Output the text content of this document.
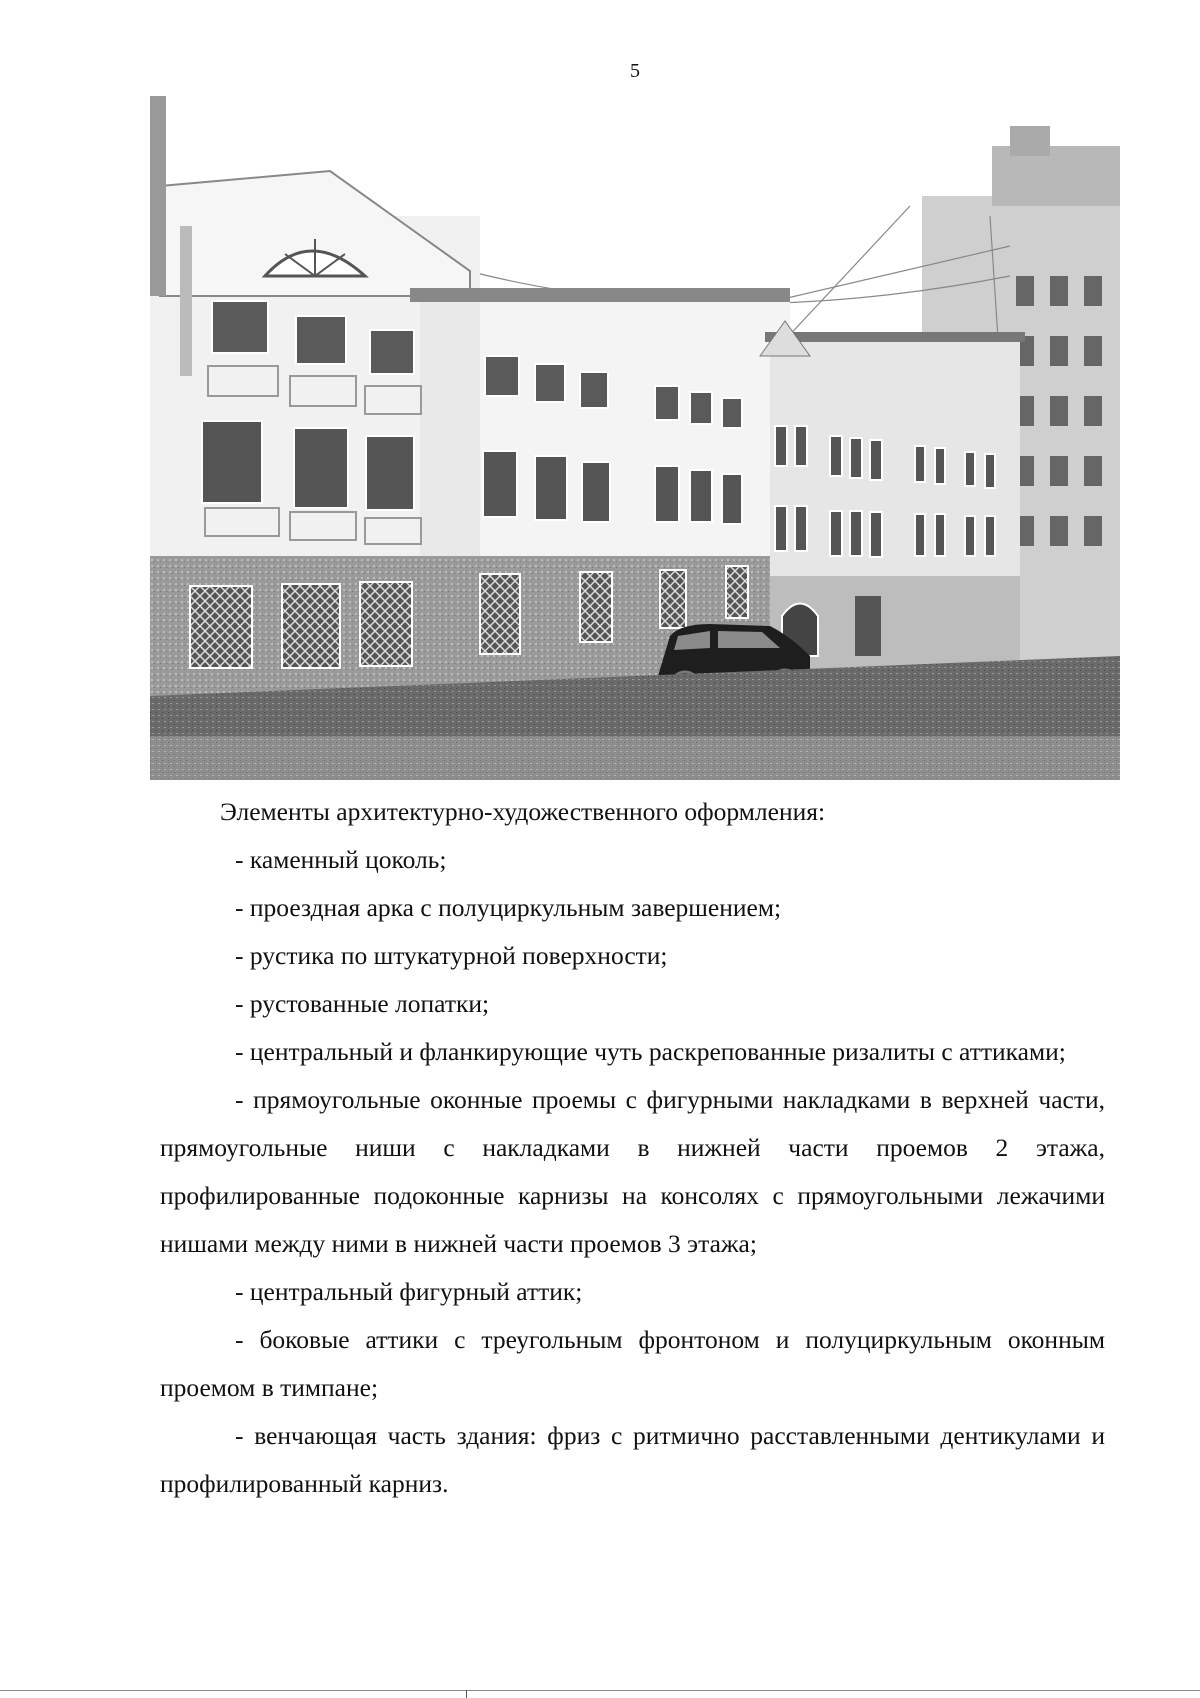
5

Элементы архитектурно-художественного оформления:

- каменный цоколь;

- проездная арка с полуциркульным завершением;

- рустика по штукатурной поверхности;

- рустованные лопатки;

- центральный и фланкирующие чуть раскрепованные ризалиты с аттиками;

- прямоугольные оконные проемы с фигурными накладками в верхней части, прямоугольные ниши с накладками в нижней части проемов 2 этажа, профилированные подоконные карнизы на консолях с прямоугольными лежачими нишами между ними в нижней части проемов 3 этажа;

- центральный фигурный аттик;

- боковые аттики с треугольным фронтоном и полуциркульным оконным проемом в тимпане;

- венчающая часть здания: фриз с ритмично расставленными дентикулами и профилированный карниз.
